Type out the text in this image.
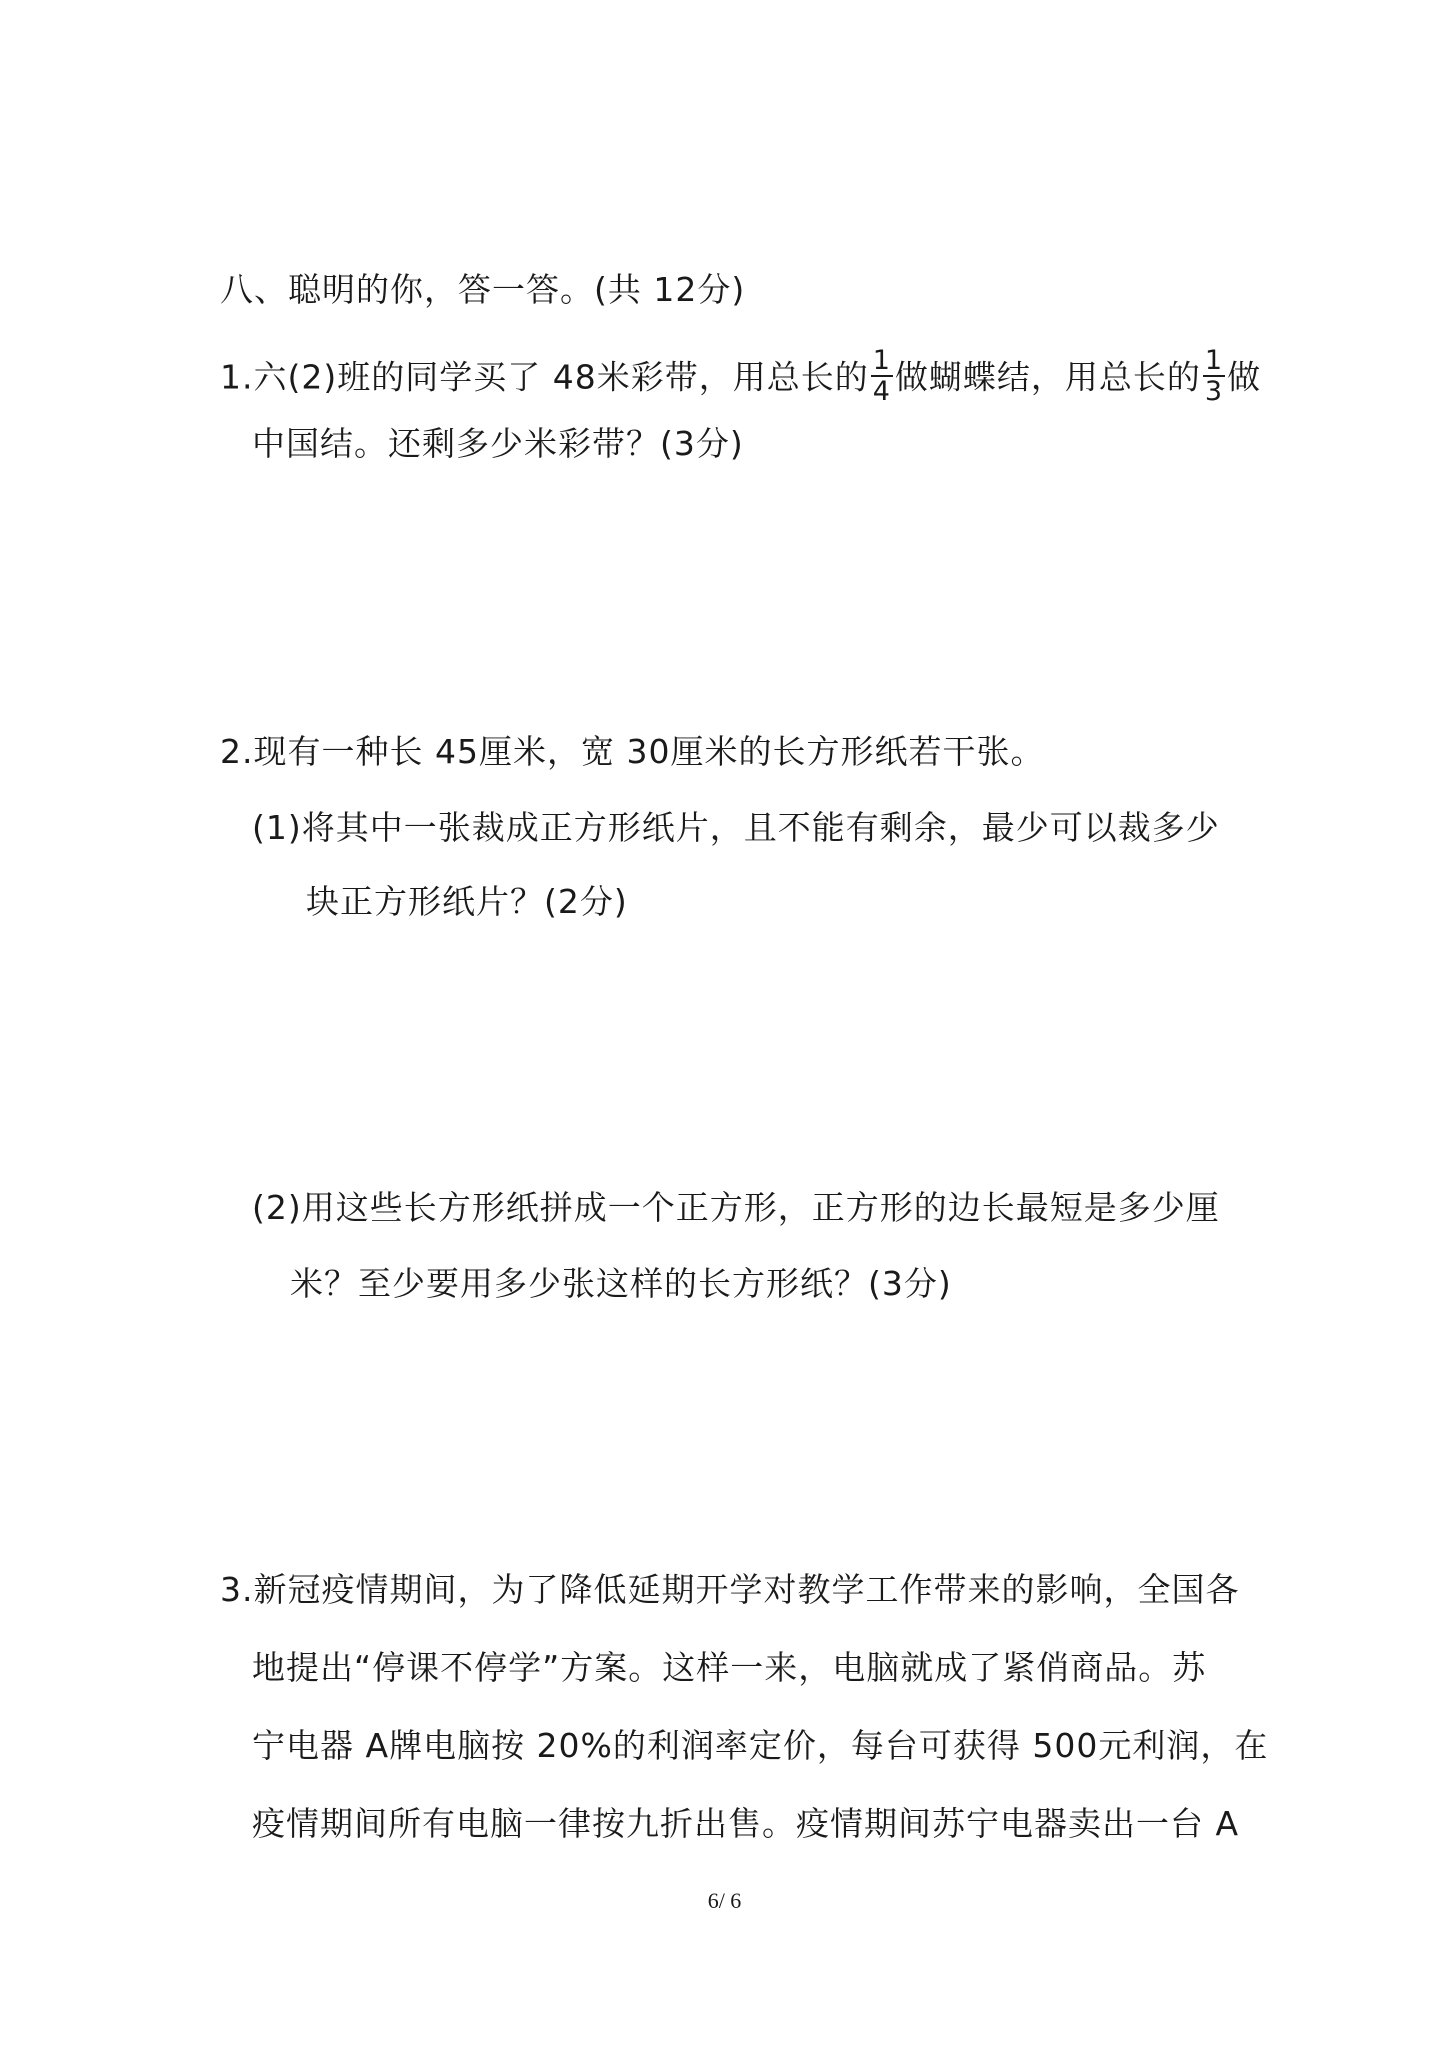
八、聪明的你，答一答。(共 12分)
1.六(2)班的同学买了 48米彩带，用总长的 $\frac{1}{4}$ 做蝴蝶结，用总长的 $\frac{1}{3}$ 做
中国结。还剩多少米彩带？(3分)
2.现有一种长 45厘米，宽 30厘米的长方形纸若干张。
(1)将其中一张裁成正方形纸片，且不能有剩余，最少可以裁多少
块正方形纸片？(2分)
(2)用这些长方形纸拼成一个正方形，正方形的边长最短是多少厘
米？至少要用多少张这样的长方形纸？(3分)
3.新冠疫情期间，为了降低延期开学对教学工作带来的影响，全国各
地提出“停课不停学”方案。这样一来，电脑就成了紧俏商品。苏
宁电器 A牌电脑按 20%的利润率定价，每台可获得 500元利润，在
疫情期间所有电脑一律按九折出售。疫情期间苏宁电器卖出一台 A
6/ 6
